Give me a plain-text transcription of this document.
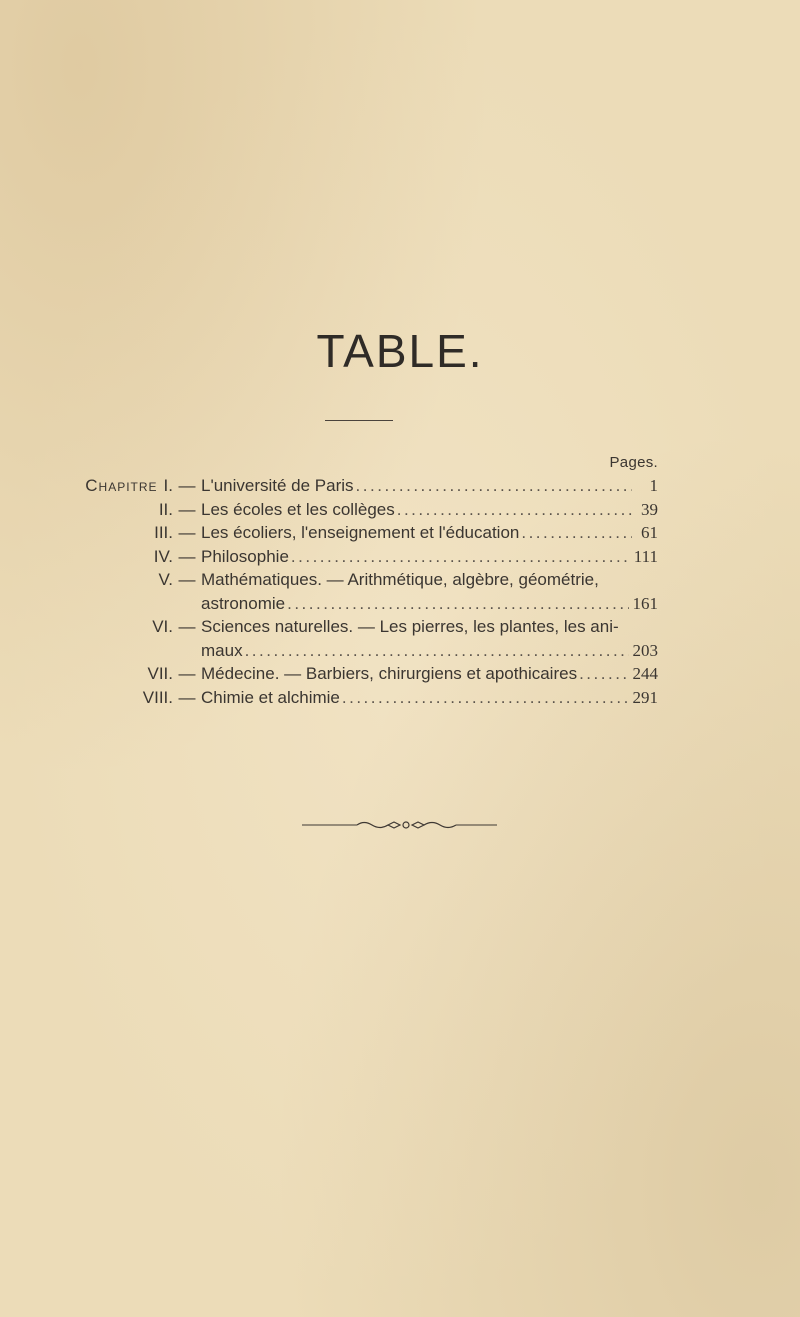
TABLE.
Pages.
Chapitre I. — L'université de Paris .....	1
II. — Les écoles et les collèges .....	39
III. — Les écoliers, l'enseignement et l'éducation .....	61
IV. — Philosophie .....	111
V. — Mathématiques. — Arithmétique, algèbre, géométrie,
astronomie .....	161
VI. — Sciences naturelles. — Les pierres, les plantes, les ani-
maux .....	203
VII. — Médecine. — Barbiers, chirurgiens et apothicaires .....	244
VIII. — Chimie et alchimie .....	291
